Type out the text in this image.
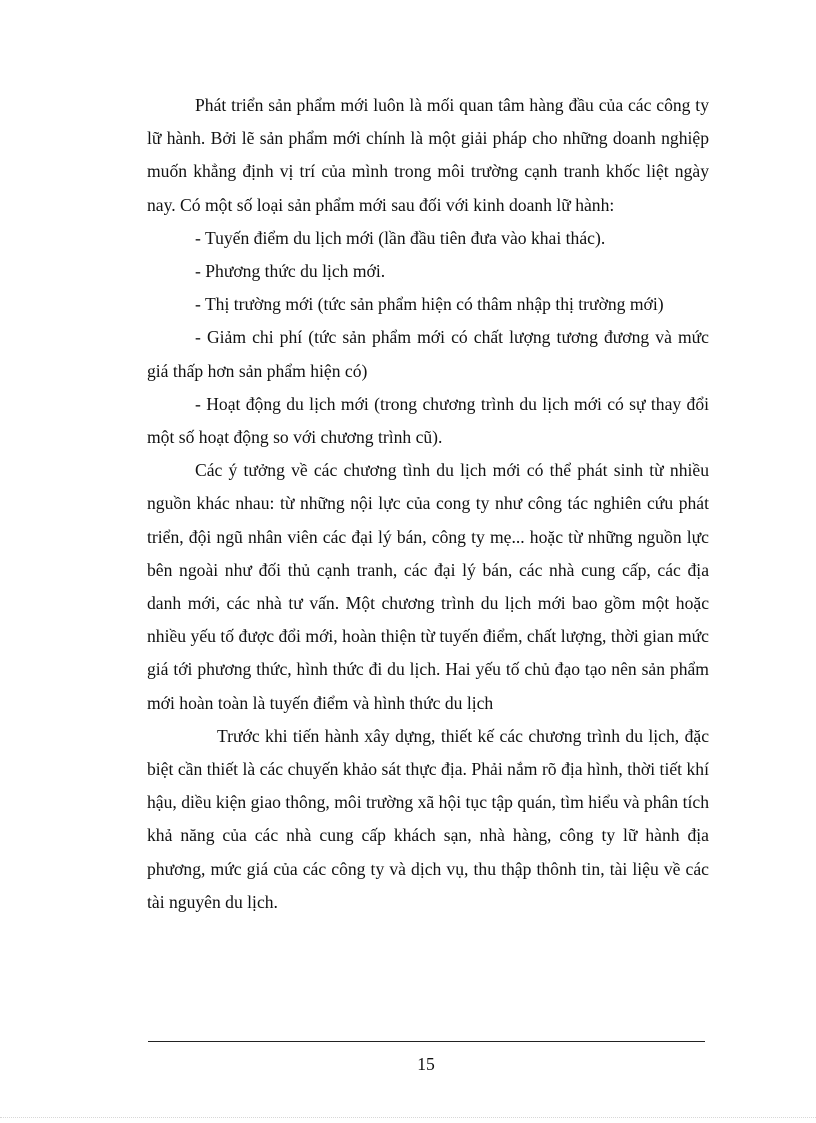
Phát triển sản phẩm mới luôn là mối quan tâm hàng đầu của các công ty lữ hành. Bởi lẽ sản phẩm mới chính là một giải pháp cho những doanh nghiệp muốn khẳng định vị trí của mình trong môi trường cạnh tranh khốc liệt ngày nay. Có một số loại sản phẩm mới sau đối với kinh doanh lữ hành:

- Tuyến điểm du lịch mới (lần đầu tiên đưa vào khai thác).

- Phương thức du lịch mới.

- Thị trường mới (tức sản phẩm hiện có thâm nhập thị trường mới)

- Giảm chi phí (tức sản phẩm mới có chất lượng tương đương và mức giá thấp hơn sản phẩm hiện có)

- Hoạt động du lịch mới (trong chương trình du lịch mới có sự thay đổi một số hoạt động so với chương trình cũ).

Các ý tưởng về các chương tình du lịch mới có thể phát sinh từ nhiều nguồn khác nhau: từ những nội lực của cong ty như công tác nghiên cứu phát triển, đội ngũ nhân viên các đại lý bán, công ty mẹ... hoặc từ những nguồn lực bên ngoài như đối thủ cạnh tranh, các đại lý bán, các nhà cung cấp, các địa danh mới, các nhà tư vấn. Một chương trình du lịch mới bao gồm một hoặc nhiều yếu tố được đổi mới, hoàn thiện từ tuyến điểm, chất lượng, thời gian mức giá tới phương thức, hình thức đi du lịch. Hai yếu tố chủ đạo tạo nên sản phẩm mới hoàn toàn là tuyến điểm và hình thức du lịch

Trước khi tiến hành xây dựng, thiết kế các chương trình du lịch, đặc biệt cần thiết là các chuyến khảo sát thực địa. Phải nắm rõ địa hình, thời tiết khí hậu, diều kiện giao thông, môi trường xã hội tục tập quán, tìm hiểu và phân tích khả năng của các nhà cung cấp khách sạn, nhà hàng, công ty lữ hành địa phương, mức giá của các công ty và dịch vụ, thu thập thônh tin, tài liệu về các tài nguyên du lịch.

15
